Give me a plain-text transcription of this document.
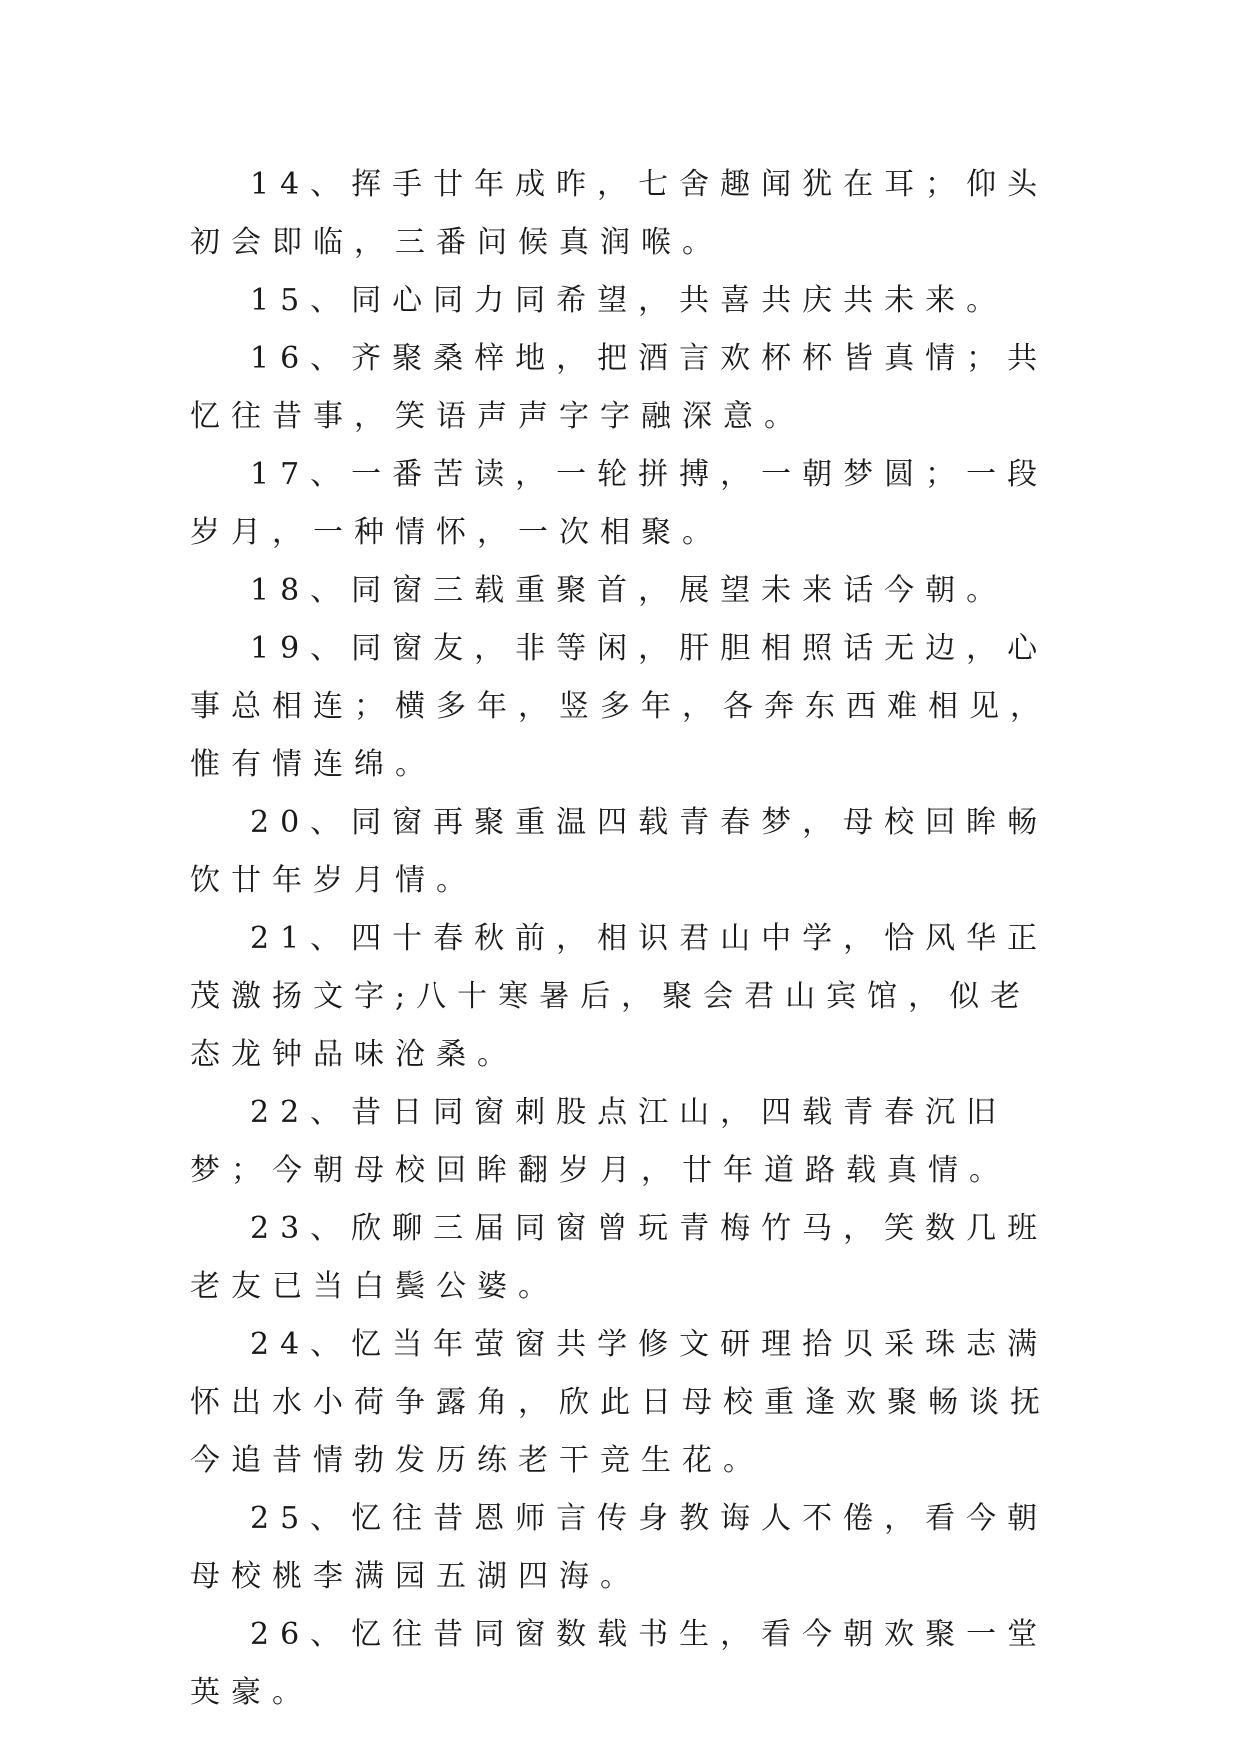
14、挥手廿年成昨，七舍趣闻犹在耳；仰头初会即临，三番问候真润喉。

15、同心同力同希望，共喜共庆共未来。

16、齐聚桑梓地，把酒言欢杯杯皆真情；共忆往昔事，笑语声声字字融深意。

17、一番苦读，一轮拼搏，一朝梦圆；一段岁月，一种情怀，一次相聚。

18、同窗三载重聚首，展望未来话今朝。

19、同窗友，非等闲，肝胆相照话无边，心事总相连；横多年，竖多年，各奔东西难相见，惟有情连绵。

20、同窗再聚重温四载青春梦，母校回眸畅饮廿年岁月情。

21、四十春秋前，相识君山中学，恰风华正茂激扬文字;八十寒暑后，聚会君山宾馆，似老态龙钟品味沧桑。

22、昔日同窗刺股点江山，四载青春沉旧梦；今朝母校回眸翻岁月，廿年道路载真情。

23、欣聊三届同窗曾玩青梅竹马，笑数几班老友已当白鬓公婆。

24、忆当年萤窗共学修文研理拾贝采珠志满怀出水小荷争露角，欣此日母校重逢欢聚畅谈抚今追昔情勃发历练老干竞生花。

25、忆往昔恩师言传身教诲人不倦，看今朝母校桃李满园五湖四海。

26、忆往昔同窗数载书生，看今朝欢聚一堂英豪。
